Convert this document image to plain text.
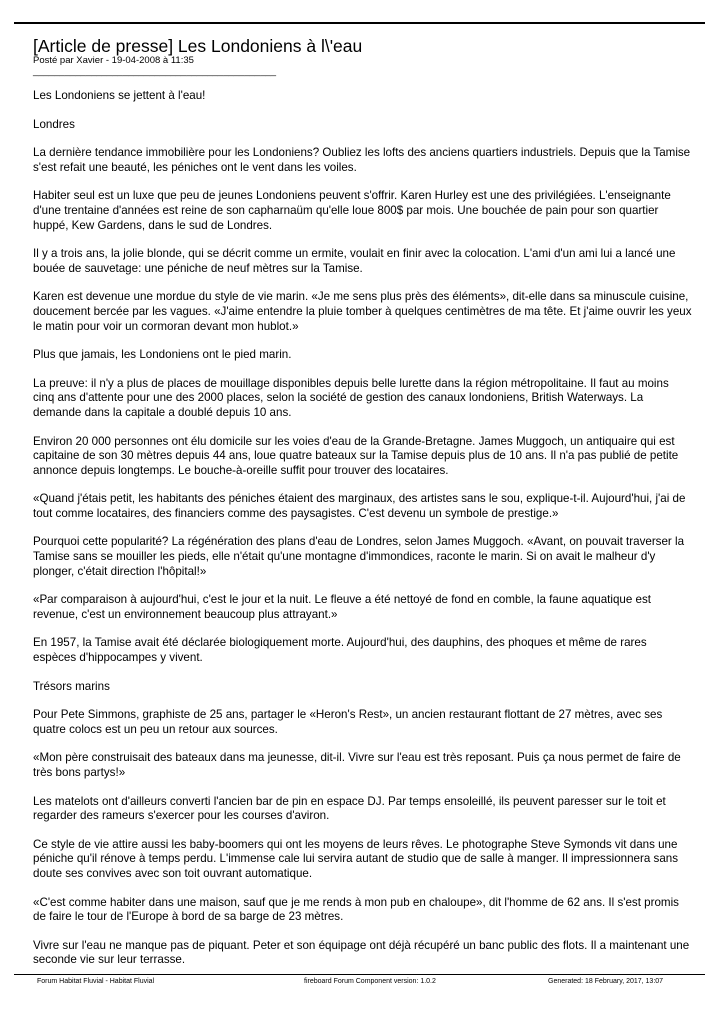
[Article de presse] Les Londoniens à l\'eau
Posté par Xavier - 19-04-2008 à 11:35
______________________________________________

Les Londoniens se jettent à l'eau!

Londres

La dernière tendance immobilière pour les Londoniens? Oubliez les lofts des anciens quartiers industriels. Depuis que la Tamise s'est refait une beauté, les péniches ont le vent dans les voiles.

Habiter seul est un luxe que peu de jeunes Londoniens peuvent s'offrir. Karen Hurley est une des privilégiées. L'enseignante d'une trentaine d'années est reine de son capharnaüm qu'elle loue 800$ par mois. Une bouchée de pain pour son quartier huppé, Kew Gardens, dans le sud de Londres.

Il y a trois ans, la jolie blonde, qui se décrit comme un ermite, voulait en finir avec la colocation. L'ami d'un ami lui a lancé une bouée de sauvetage: une péniche de neuf mètres sur la Tamise.

Karen est devenue une mordue du style de vie marin. «Je me sens plus près des éléments», dit-elle dans sa minuscule cuisine, doucement bercée par les vagues. «J'aime entendre la pluie tomber à quelques centimètres de ma tête. Et j'aime ouvrir les yeux le matin pour voir un cormoran devant mon hublot.»

Plus que jamais, les Londoniens ont le pied marin.

La preuve: il n'y a plus de places de mouillage disponibles depuis belle lurette dans la région métropolitaine. Il faut au moins cinq ans d'attente pour une des 2000 places, selon la société de gestion des canaux londoniens, British Waterways. La demande dans la capitale a doublé depuis 10 ans.

Environ 20 000 personnes ont élu domicile sur les voies d'eau de la Grande-Bretagne. James Muggoch, un antiquaire qui est capitaine de son 30 mètres depuis 44 ans, loue quatre bateaux sur la Tamise depuis plus de 10 ans. Il n'a pas publié de petite annonce depuis longtemps. Le bouche-à-oreille suffit pour trouver des locataires.

«Quand j'étais petit, les habitants des péniches étaient des marginaux, des artistes sans le sou, explique-t-il. Aujourd'hui, j'ai de tout comme locataires, des financiers comme des paysagistes. C'est devenu un symbole de prestige.»

Pourquoi cette popularité? La régénération des plans d'eau de Londres, selon James Muggoch. «Avant, on pouvait traverser la Tamise sans se mouiller les pieds, elle n'était qu'une montagne d'immondices, raconte le marin. Si on avait le malheur d'y plonger, c'était direction l'hôpital!»

«Par comparaison à aujourd'hui, c'est le jour et la nuit. Le fleuve a été nettoyé de fond en comble, la faune aquatique est revenue, c'est un environnement beaucoup plus attrayant.»

En 1957, la Tamise avait été déclarée biologiquement morte. Aujourd'hui, des dauphins, des phoques et même de rares espèces d'hippocampes y vivent.

Trésors marins

Pour Pete Simmons, graphiste de 25 ans, partager le «Heron's Rest», un ancien restaurant flottant de 27 mètres, avec ses quatre colocs est un peu un retour aux sources.

«Mon père construisait des bateaux dans ma jeunesse, dit-il. Vivre sur l'eau est très reposant. Puis ça nous permet de faire de très bons partys!»

Les matelots ont d'ailleurs converti l'ancien bar de pin en espace DJ. Par temps ensoleillé, ils peuvent paresser sur le toit et regarder des rameurs s'exercer pour les courses d'aviron.

Ce style de vie attire aussi les baby-boomers qui ont les moyens de leurs rêves. Le photographe Steve Symonds vit dans une péniche qu'il rénove à temps perdu. L'immense cale lui servira autant de studio que de salle à manger. Il impressionnera sans doute ses convives avec son toit ouvrant automatique.

«C'est comme habiter dans une maison, sauf que je me rends à mon pub en chaloupe», dit l'homme de 62 ans. Il s'est promis de faire le tour de l'Europe à bord de sa barge de 23 mètres.

Vivre sur l'eau ne manque pas de piquant. Peter et son équipage ont déjà récupéré un banc public des flots. Il a maintenant une seconde vie sur leur terrasse.

Forum Habitat Fluvial - Habitat Fluvial	fireboard Forum Component version: 1.0.2	Generated: 18 February, 2017, 13:07
